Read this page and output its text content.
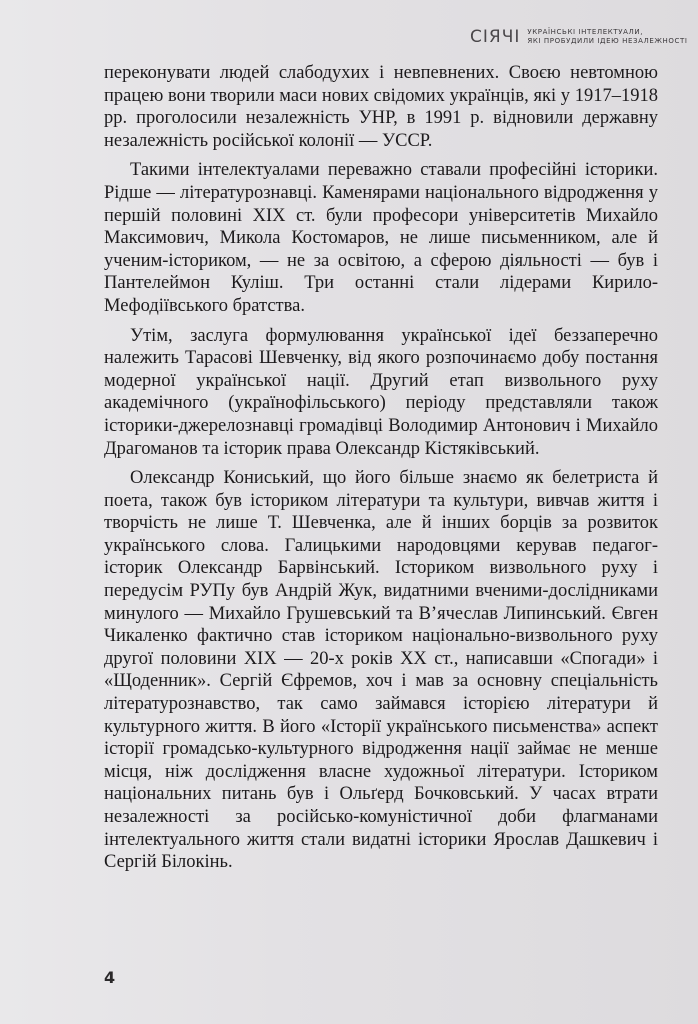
СІЯЧІ УКРАЇНСЬКІ ІНТЕЛЕКТУАЛИ,
ЯКІ ПРОБУДИЛИ ІДЕЮ НЕЗАЛЕЖНОСТІ

переконувати людей слабодухих і невпевнених. Своєю невтомною працею вони творили маси нових свідомих українців, які у 1917–1918 рр. проголосили незалежність УНР, в 1991 р. відновили державну незалежність російської колонії — УССР.

Такими інтелектуалами переважно ставали професійні історики. Рідше — літературознавці. Каменярами національного відродження у першій половині ХІХ ст. були професори університетів Михайло Максимович, Микола Костомаров, не лише письменником, але й ученим-істориком, — не за освітою, а сферою діяльності — був і Пантелеймон Куліш. Три останні стали лідерами Кирило-Мефодіївського братства.

Утім, заслуга формулювання української ідеї беззаперечно належить Тарасові Шевченку, від якого розпочинаємо добу постання модерної української нації. Другий етап визвольного руху академічного (українофільського) періоду представляли також історики-джерелознавці громадівці Володимир Антонович і Михайло Драгоманов та історик права Олександр Кістяківський.

Олександр Кониський, що його більше знаємо як белетриста й поета, також був істориком літератури та культури, вивчав життя і творчість не лише Т. Шевченка, але й інших борців за розвиток українського слова. Галицькими народовцями керував педагог-історик Олександр Барвінський. Істориком визвольного руху і передусім РУПу був Андрій Жук, видатними вченими-дослідниками минулого — Михайло Грушевський та В’ячеслав Липинський. Євген Чикаленко фактично став істориком національно-визвольного руху другої половини ХІХ — 20-х років ХХ ст., написавши «Спогади» і «Щоденник». Сергій Єфремов, хоч і мав за основну спеціальність літературознавство, так само займався історією літератури й культурного життя. В його «Історії українського письменства» аспект історії громадсько-культурного відродження нації займає не менше місця, ніж дослідження власне художньої літератури. Істориком національних питань був і Ольґерд Бочковський. У часах втрати незалежності за російсько-комуністичної доби флагманами інтелектуального життя стали видатні історики Ярослав Дашкевич і Сергій Білокінь.

4
